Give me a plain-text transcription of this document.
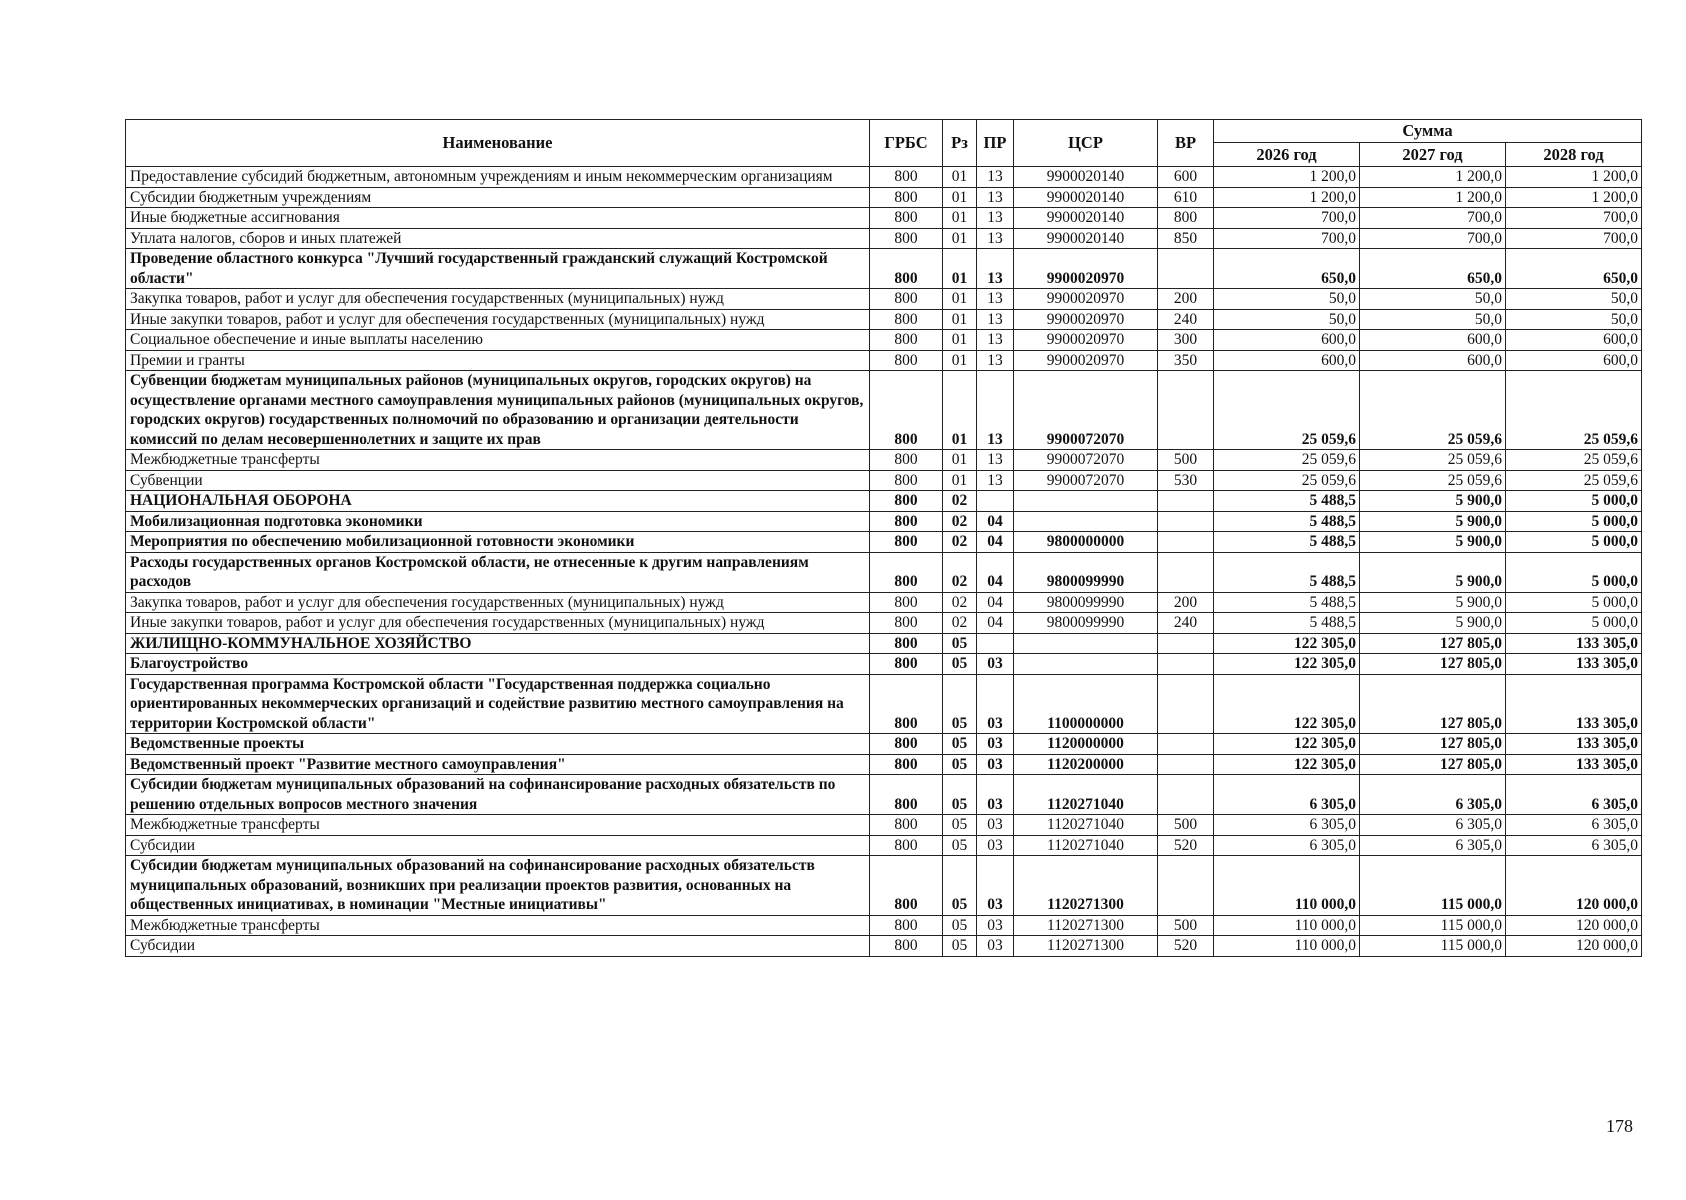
Наименование	ГРБС	Рз	ПР	ЦСР	ВР	Сумма		
						2026 год	2027 год	2028 год
Предоставление субсидий бюджетным, автономным учреждениям и иным некоммерческим организациям	800	01	13	9900020140	600	1 200,0	1 200,0	1 200,0
Субсидии бюджетным учреждениям	800	01	13	9900020140	610	1 200,0	1 200,0	1 200,0
Иные бюджетные ассигнования	800	01	13	9900020140	800	700,0	700,0	700,0
Уплата налогов, сборов и иных платежей	800	01	13	9900020140	850	700,0	700,0	700,0
Проведение областного конкурса "Лучший государственный гражданский служащий Костромской области"	800	01	13	9900020970		650,0	650,0	650,0
Закупка товаров, работ и услуг для обеспечения государственных (муниципальных) нужд	800	01	13	9900020970	200	50,0	50,0	50,0
Иные закупки товаров, работ и услуг для обеспечения государственных (муниципальных) нужд	800	01	13	9900020970	240	50,0	50,0	50,0
Социальное обеспечение и иные выплаты населению	800	01	13	9900020970	300	600,0	600,0	600,0
Премии и гранты	800	01	13	9900020970	350	600,0	600,0	600,0
Субвенции бюджетам муниципальных районов (муниципальных округов, городских округов) на осуществление органами местного самоуправления муниципальных районов (муниципальных округов, городских округов) государственных полномочий по образованию и организации деятельности комиссий по делам несовершеннолетних и защите их прав	800	01	13	9900072070		25 059,6	25 059,6	25 059,6
Межбюджетные трансферты	800	01	13	9900072070	500	25 059,6	25 059,6	25 059,6
Субвенции	800	01	13	9900072070	530	25 059,6	25 059,6	25 059,6
НАЦИОНАЛЬНАЯ ОБОРОНА	800	02				5 488,5	5 900,0	5 000,0
Мобилизационная подготовка экономики	800	02	04			5 488,5	5 900,0	5 000,0
Мероприятия по обеспечению мобилизационной готовности экономики	800	02	04	9800000000		5 488,5	5 900,0	5 000,0
Расходы государственных органов Костромской области, не отнесенные к другим направлениям расходов	800	02	04	9800099990		5 488,5	5 900,0	5 000,0
Закупка товаров, работ и услуг для обеспечения государственных (муниципальных) нужд	800	02	04	9800099990	200	5 488,5	5 900,0	5 000,0
Иные закупки товаров, работ и услуг для обеспечения государственных (муниципальных) нужд	800	02	04	9800099990	240	5 488,5	5 900,0	5 000,0
ЖИЛИЩНО-КОММУНАЛЬНОЕ ХОЗЯЙСТВО	800	05				122 305,0	127 805,0	133 305,0
Благоустройство	800	05	03			122 305,0	127 805,0	133 305,0
Государственная программа Костромской области "Государственная поддержка социально ориентированных некоммерческих организаций и содействие развитию местного самоуправления на территории Костромской области"	800	05	03	1100000000		122 305,0	127 805,0	133 305,0
Ведомственные проекты	800	05	03	1120000000		122 305,0	127 805,0	133 305,0
Ведомственный проект "Развитие местного самоуправления"	800	05	03	1120200000		122 305,0	127 805,0	133 305,0
Субсидии бюджетам муниципальных образований на софинансирование расходных обязательств по решению отдельных вопросов местного значения	800	05	03	1120271040		6 305,0	6 305,0	6 305,0
Межбюджетные трансферты	800	05	03	1120271040	500	6 305,0	6 305,0	6 305,0
Субсидии	800	05	03	1120271040	520	6 305,0	6 305,0	6 305,0
Субсидии бюджетам муниципальных образований на софинансирование расходных обязательств муниципальных образований, возникших при реализации проектов развития, основанных на общественных инициативах, в номинации "Местные инициативы"	800	05	03	1120271300		110 000,0	115 000,0	120 000,0
Межбюджетные трансферты	800	05	03	1120271300	500	110 000,0	115 000,0	120 000,0
Субсидии	800	05	03	1120271300	520	110 000,0	115 000,0	120 000,0
178
